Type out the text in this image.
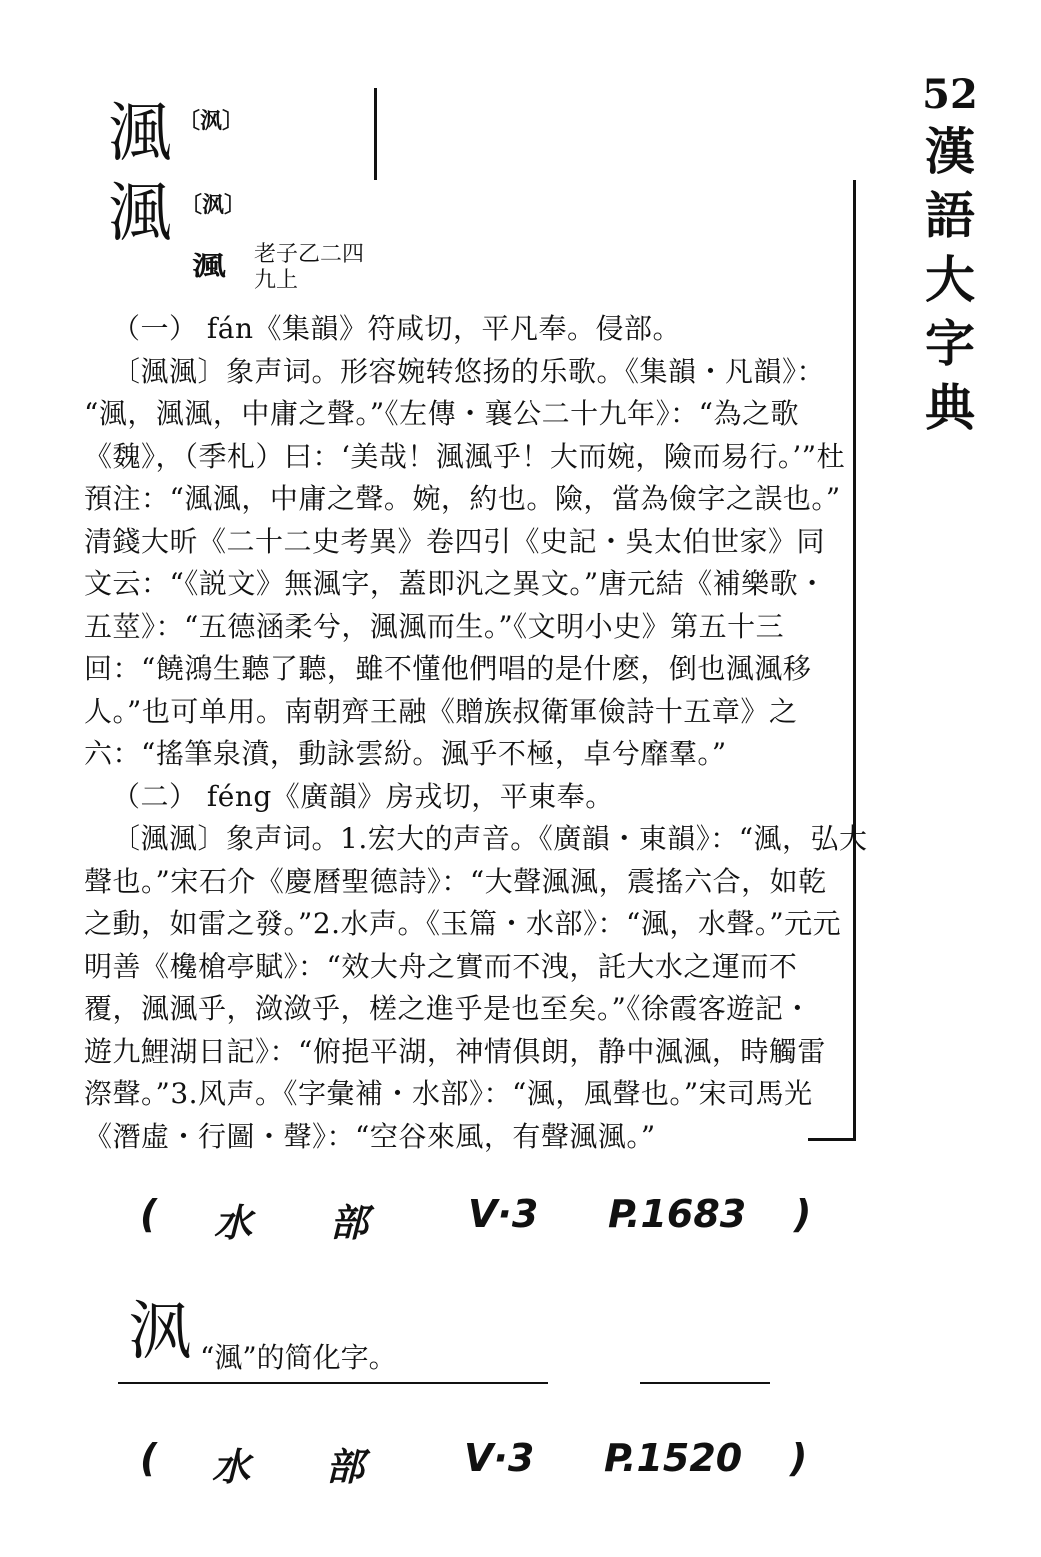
52
漢
語
大
字
典
渢 〔沨〕
渢 〔沨〕
渢 老子乙二四
九上

（一） fán《集韻》符咸切，平凡奉。侵部。

〔渢渢〕象声词。形容婉转悠扬的乐歌。《集韻・凡韻》：

“渢，渢渢，中庸之聲。”《左傳・襄公二十九年》：“為之歌

《魏》，（季札）曰：‘美哉！渢渢乎！大而婉，險而易行。’”杜

預注：“渢渢，中庸之聲。婉，約也。險，當為儉字之誤也。”

清錢大昕《二十二史考異》卷四引《史記・吳太伯世家》同

文云：“《説文》無渢字，蓋即汎之異文。”唐元結《補樂歌・

五莖》：“五德涵柔兮，渢渢而生。”《文明小史》第五十三

回：“饒鴻生聽了聽，雖不懂他們唱的是什麽，倒也渢渢移

人。”也可单用。南朝齊王融《贈族叔衛軍儉詩十五章》之

六：“搖筆泉濆，動詠雲紛。渢乎不極，卓兮靡羣。”

（二） féng《廣韻》房戎切，平東奉。

〔渢渢〕象声词。1.宏大的声音。《廣韻・東韻》：“渢，弘大

聲也。”宋石介《慶曆聖德詩》：“大聲渢渢，震搖六合，如乾

之動，如雷之發。”2.水声。《玉篇・水部》：“渢，水聲。”元元

明善《欃槍亭賦》：“效大舟之實而不洩，託大水之運而不

覆，渢渢乎，潋潋乎，槎之進乎是也至矣。”《徐霞客遊記・

遊九鯉湖日記》：“俯挹平湖，神情俱朗，静中渢渢，時觸雷

漈聲。”3.风声。《字彙補・水部》：“渢，風聲也。”宋司馬光

《潛虛・行圖・聲》：“空谷來風，有聲渢渢。”

( 水 部	V·3 P.1683 )
沨 “渢”的简化字。
( 水 部	V·3 P.1520 )
